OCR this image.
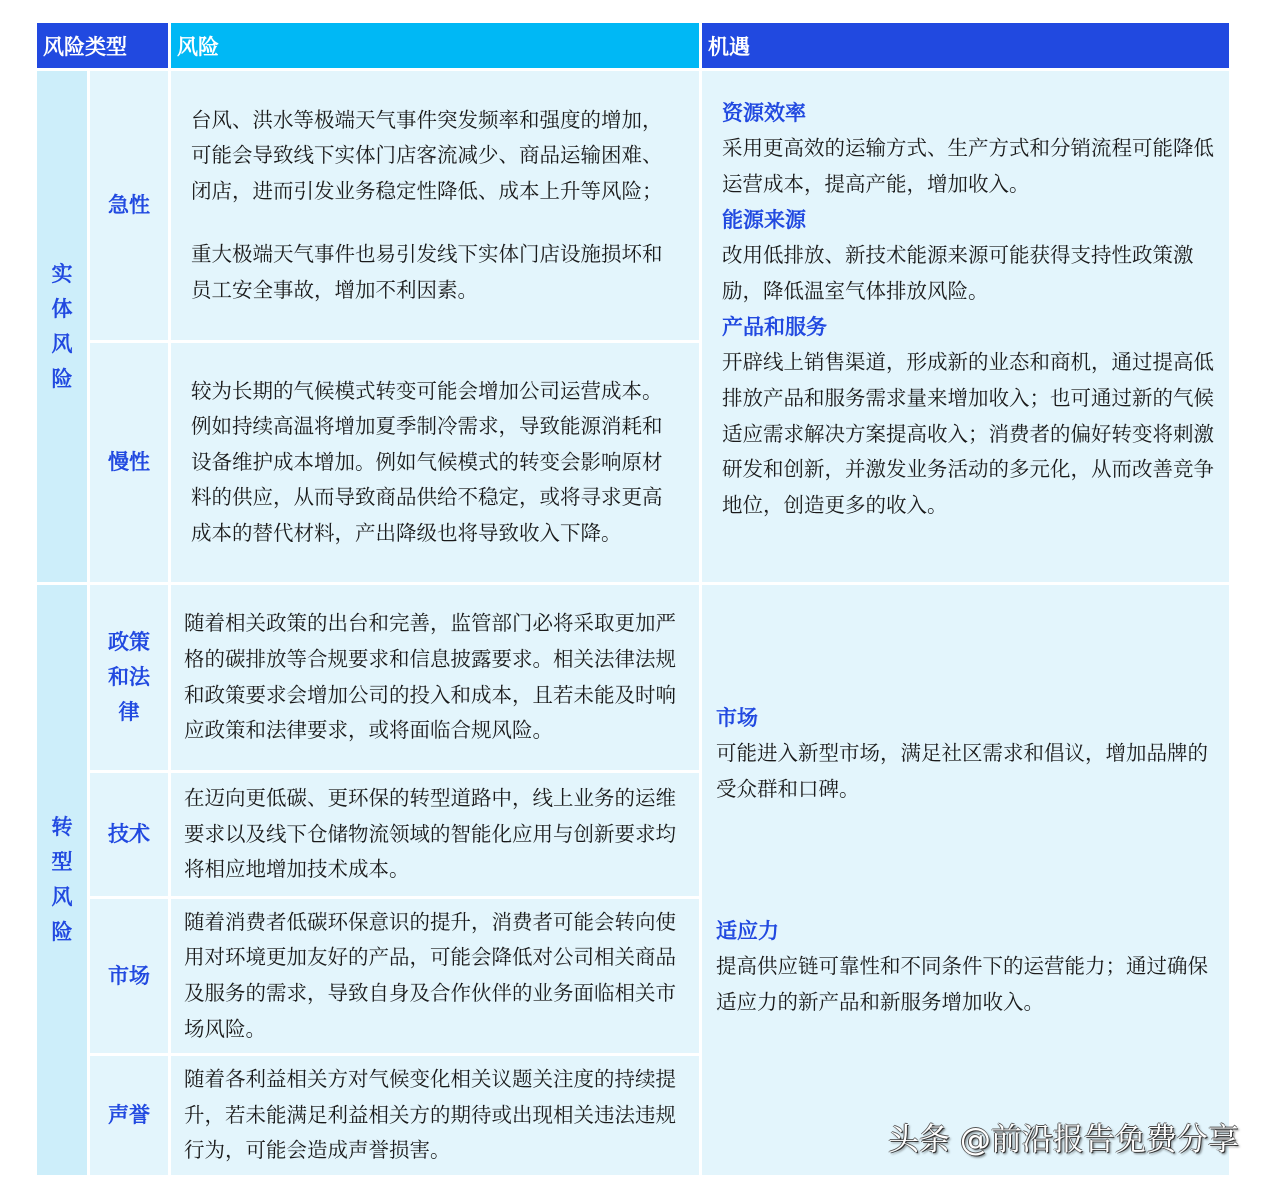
风险类型	风险	机遇
实体风险
急性

台风、洪水等极端天气事件突发频率和强度的增加，可能会导致线下实体门店客流减少、商品运输困难、闭店，进而引发业务稳定性降低、成本上升等风险；

重大极端天气事件也易引发线下实体门店设施损坏和员工安全事故，增加不利因素。

慢性

较为长期的气候模式转变可能会增加公司运营成本。例如持续高温将增加夏季制冷需求，导致能源消耗和设备维护成本增加。例如气候模式的转变会影响原材料的供应，从而导致商品供给不稳定，或将寻求更高成本的替代材料，产出降级也将导致收入下降。

资源效率

采用更高效的运输方式、生产方式和分销流程可能降低运营成本，提高产能，增加收入。

能源来源

改用低排放、新技术能源来源可能获得支持性政策激励，降低温室气体排放风险。

产品和服务

开辟线上销售渠道，形成新的业态和商机，通过提高低排放产品和服务需求量来增加收入；也可通过新的气候适应需求解决方案提高收入；消费者的偏好转变将刺激研发和创新，并激发业务活动的多元化，从而改善竞争地位，创造更多的收入。

转型风险
政策和法律

随着相关政策的出台和完善，监管部门必将采取更加严格的碳排放等合规要求和信息披露要求。相关法律法规和政策要求会增加公司的投入和成本，且若未能及时响应政策和法律要求，或将面临合规风险。

技术

在迈向更低碳、更环保的转型道路中，线上业务的运维要求以及线下仓储物流领域的智能化应用与创新要求均将相应地增加技术成本。

市场

随着消费者低碳环保意识的提升，消费者可能会转向使用对环境更加友好的产品，可能会降低对公司相关商品及服务的需求，导致自身及合作伙伴的业务面临相关市场风险。

声誉

随着各利益相关方对气候变化相关议题关注度的持续提升，若未能满足利益相关方的期待或出现相关违法违规行为，可能会造成声誉损害。

市场

可能进入新型市场，满足社区需求和倡议，增加品牌的受众群和口碑。

适应力

提高供应链可靠性和不同条件下的运营能力；通过确保适应力的新产品和新服务增加收入。

头条 @前沿报告免费分享
